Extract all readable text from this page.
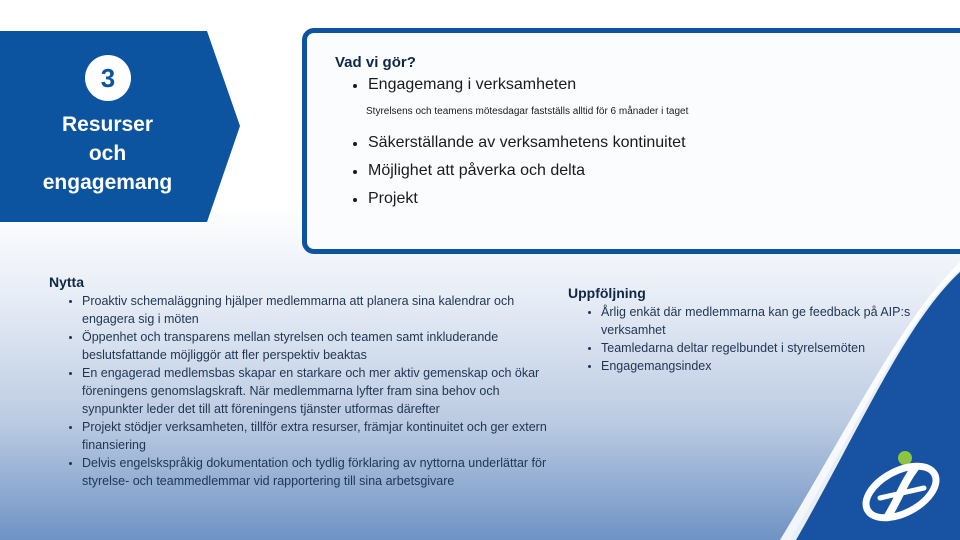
3
Resurser
och
engagemang
Vad vi gör?
Engagemang i verksamheten
Styrelsens och teamens mötesdagar fastställs alltid för 6 månader i taget
Säkerställande av verksamhetens kontinuitet
Möjlighet att påverka och delta
Projekt
Nytta
Proaktiv schemaläggning hjälper medlemmarna att planera sina kalendrar och engagera sig i möten
Öppenhet och transparens mellan styrelsen och teamen samt inkluderande beslutsfattande möjliggör att fler perspektiv beaktas
En engagerad medlemsbas skapar en starkare och mer aktiv gemenskap och ökar föreningens genomslagskraft. När medlemmarna lyfter fram sina behov och synpunkter leder det till att föreningens tjänster utformas därefter
Projekt stödjer verksamheten, tillför extra resurser, främjar kontinuitet och ger extern finansiering
Delvis engelskspråkig dokumentation och tydlig förklaring av nyttorna underlättar för styrelse- och teammedlemmar vid rapportering till sina arbetsgivare
Uppföljning
Årlig enkät där medlemmarna kan ge feedback på AIP:s verksamhet
Teamledarna deltar regelbundet i styrelsemöten
Engagemangsindex
